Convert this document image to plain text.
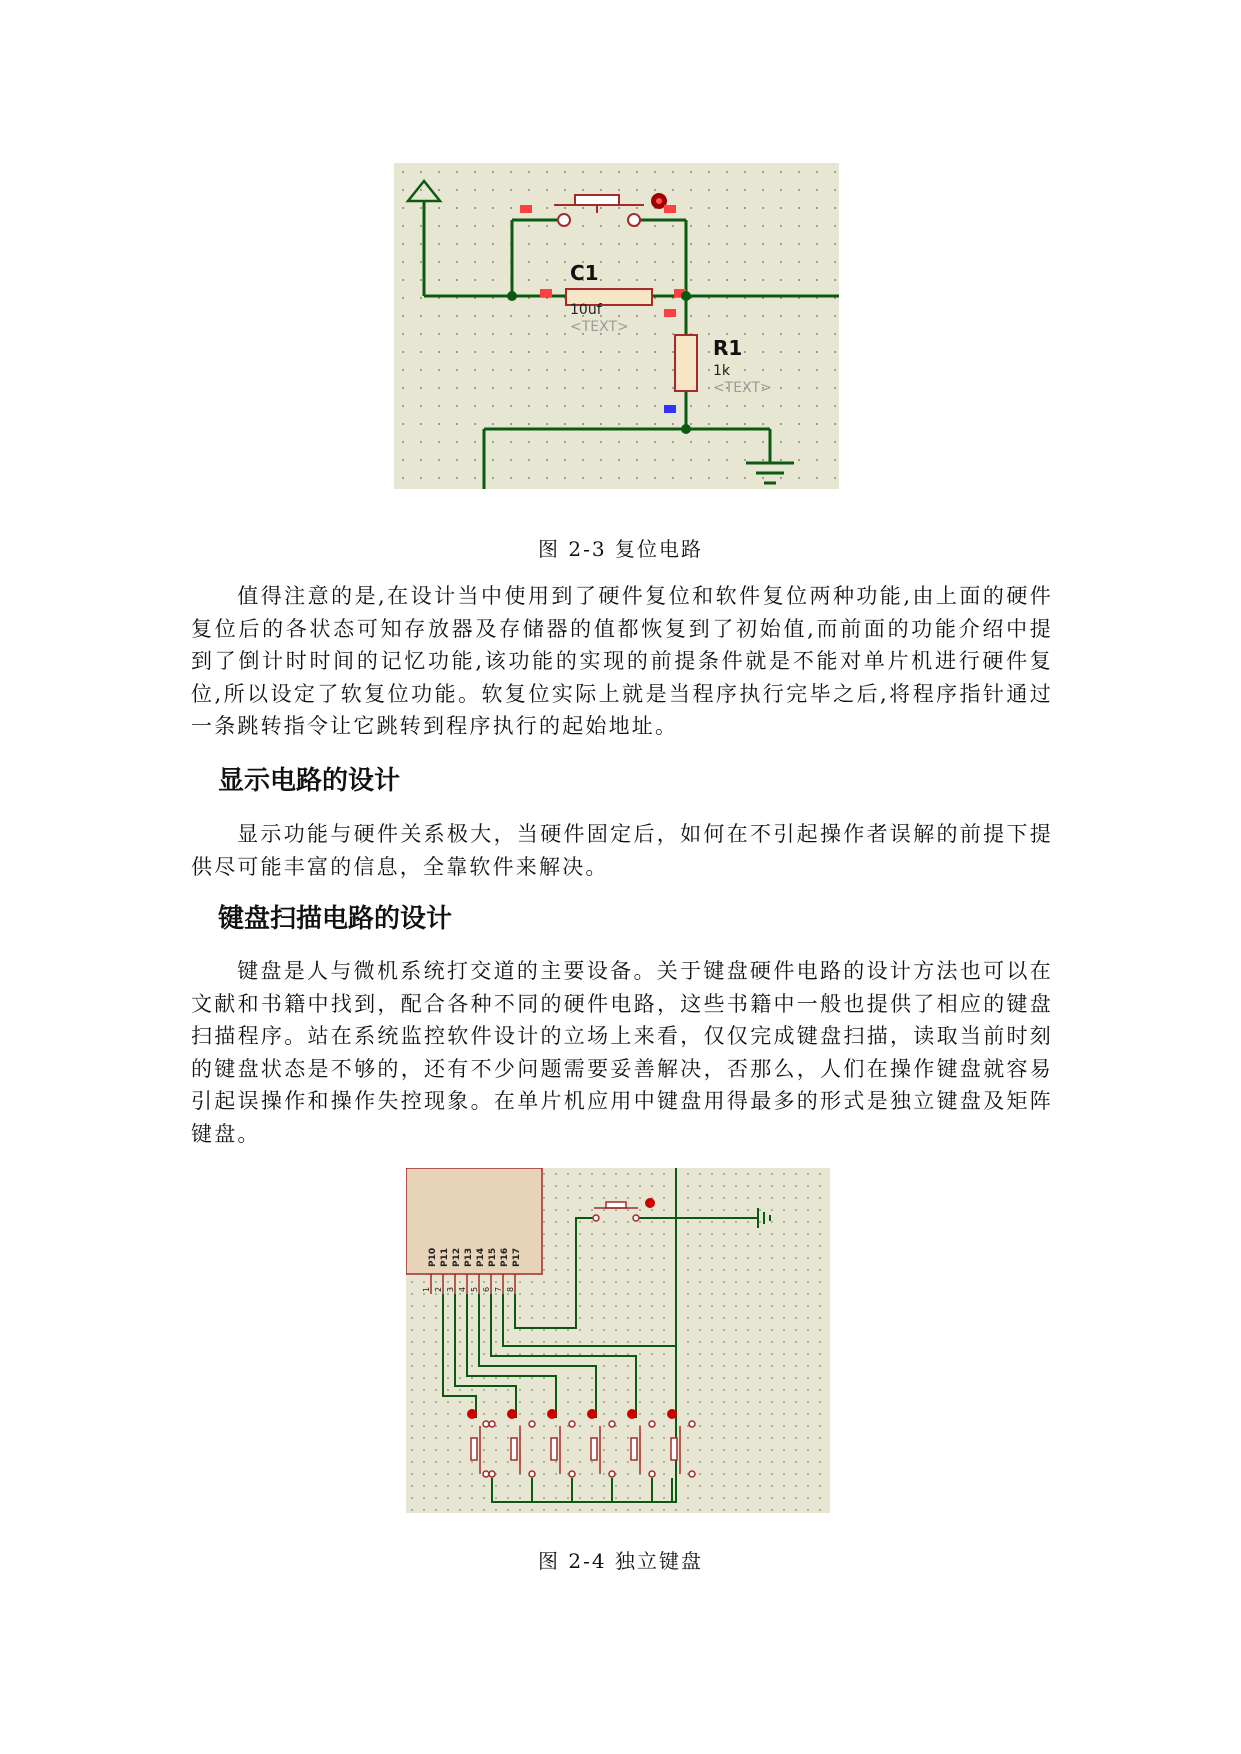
C1
10uf
<TEXT>
R1
1k
<TEXT>
图 2-3 复位电路

值得注意的是,在设计当中使用到了硬件复位和软件复位两种功能,由上面的硬件复位后的各状态可知存放器及存储器的值都恢复到了初始值,而前面的功能介绍中提到了倒计时时间的记忆功能,该功能的实现的前提条件就是不能对单片机进行硬件复位,所以设定了软复位功能。软复位实际上就是当程序执行完毕之后,将程序指针通过一条跳转指令让它跳转到程序执行的起始地址。

显示电路的设计

显示功能与硬件关系极大，当硬件固定后，如何在不引起操作者误解的前提下提供尽可能丰富的信息，全靠软件来解决。

键盘扫描电路的设计

键盘是人与微机系统打交道的主要设备。关于键盘硬件电路的设计方法也可以在文献和书籍中找到，配合各种不同的硬件电路，这些书籍中一般也提供了相应的键盘扫描程序。站在系统监控软件设计的立场上来看，仅仅完成键盘扫描，读取当前时刻的键盘状态是不够的，还有不少问题需要妥善解决，否那么，人们在操作键盘就容易引起误操作和操作失控现象。在单片机应用中键盘用得最多的形式是独立键盘及矩阵键盘。

P10 P11 P12 P13 P14 P15 P16 P17
1 2 3 4 5 6 7 8
图 2-4 独立键盘
